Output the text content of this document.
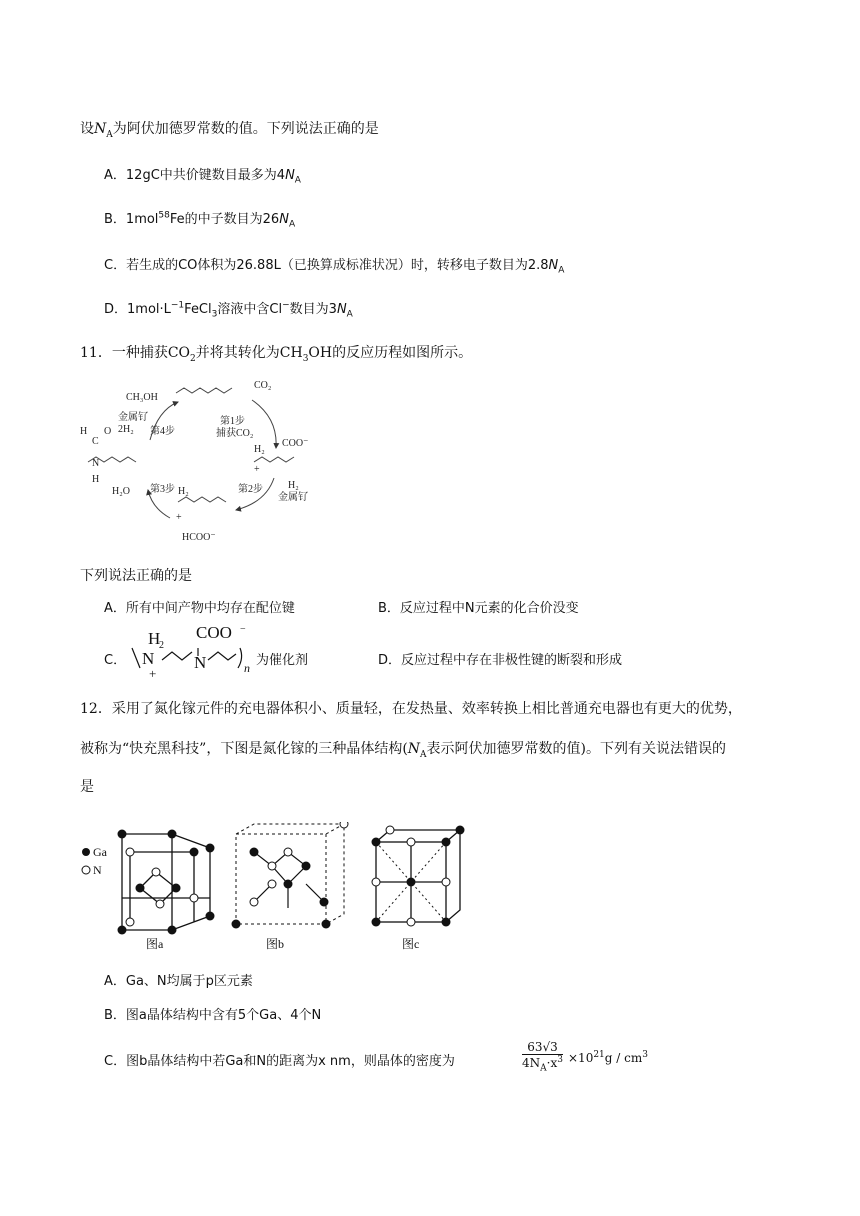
设$N_A$为阿伏加德罗常数的值。下列说法正确的是
A．12gC中共价键数目最多为$4N_A$
B．1mol$^{58}$Fe的中子数目为$26N_A$
C．若生成的CO体积为26.88L（已换算成标准状况）时，转移电子数目为$2.8N_A$
D．$1mol\cdot L^{-1}FeCl_3$溶液中含Cl−数目为$3N_A$
11．一种捕获$CO_2$并将其转化为$CH_3OH$的反应历程如图所示。
CH₃OH
CO₂
第1步
捕获CO₂
金属钌
2H₂ 第4步
COO⁻
H₂
+
第2步	H₂
金属钌
第3步
H₂O	H₂
+
HCOO⁻
H O
C
N
H
下列说法正确的是
A．所有中间产物中均存在配位键	B．反应过程中N元素的化合价没变
C．
H
2
N
+
COO −
N	n 为催化剂	D．反应过程中存在非极性键的断裂和形成
12．采用了氮化镓元件的充电器体积小、质量轻，在发热量、效率转换上相比普通充电器也有更大的优势，
被称为“快充黑科技”，下图是氮化镓的三种晶体结构($N_A$表示阿伏加德罗常数的值)。下列有关说法错误的
是
Ga
N
图a	图b	图c
A．Ga、N均属于p区元素
B．图a晶体结构中含有5个Ga、4个N
C．图b晶体结构中若Ga和N的距离为x nm，则晶体的密度为
63√3
$4N_A\cdot x^3 \times 10^{21}g / cm^3$
